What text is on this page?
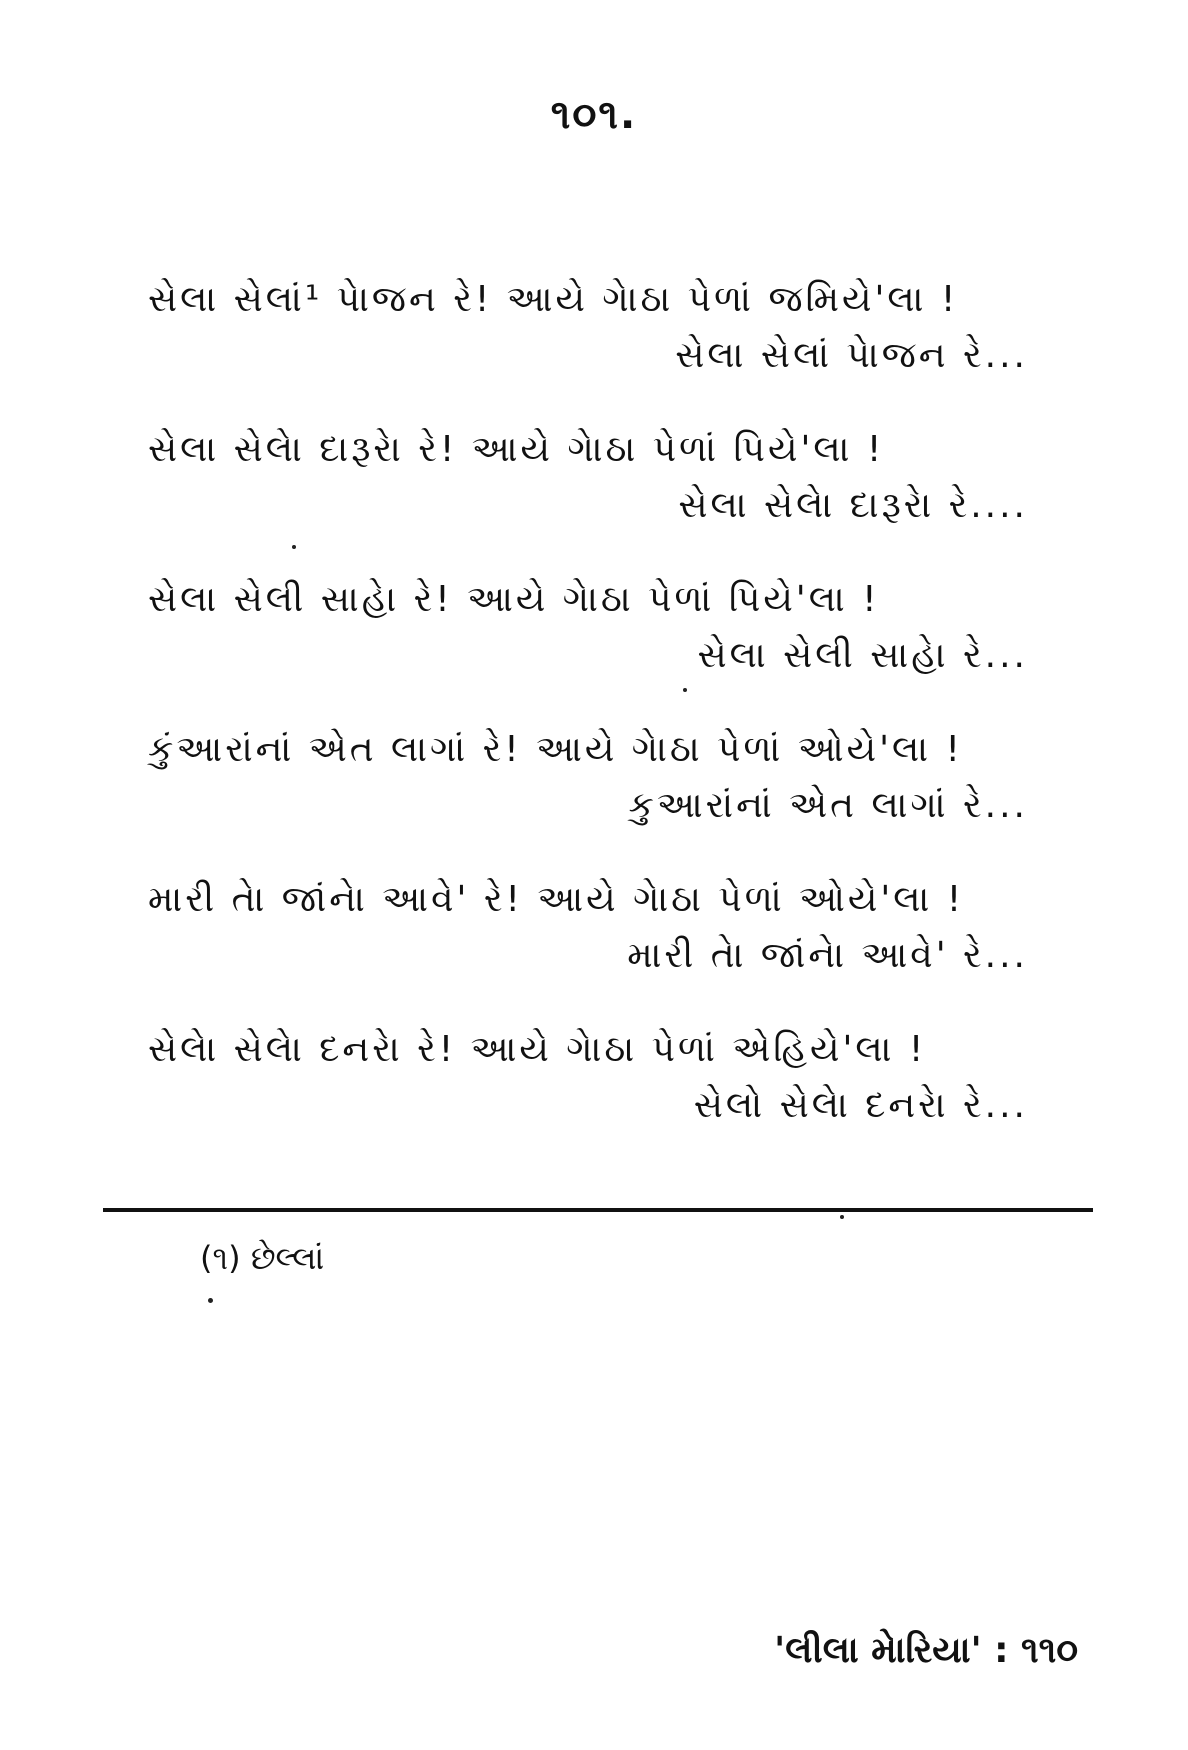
૧૦૧.
સેલા સેલાં¹ પેાજન રે! આયે ગેાઠા પેળાં જમિયે'લા !
સેલા સેલાં પેાજન રે...
સેલા સેલેા દારૂરેા રે! આયે ગેાઠા પેળાં પિયે'લા !
સેલા સેલેા દારૂરેા રે....
સેલા સેલી સાહેા રે! આયે ગેાઠા પેળાં પિયે'લા !
સેલા સેલી સાહેા રે...
કુંઆરાંનાં એત લાગાં રે! આયે ગેાઠા પેળાં ઓયે'લા !
કુઆરાંનાં એત લાગાં રે...
મારી તેા જાંનેા આવે' રે! આયે ગેાઠા પેળાં ઓયે'લા !
મારી તેા જાંનેા આવે' રે...
સેલેા સેલેા દનરેા રે! આયે ગેાઠા પેળાં એહિયે'લા !
સેલો સેલેા દનરેા રે...
(૧) છેલ્લાં
'લીલા મેારિયા' : ૧૧૦
